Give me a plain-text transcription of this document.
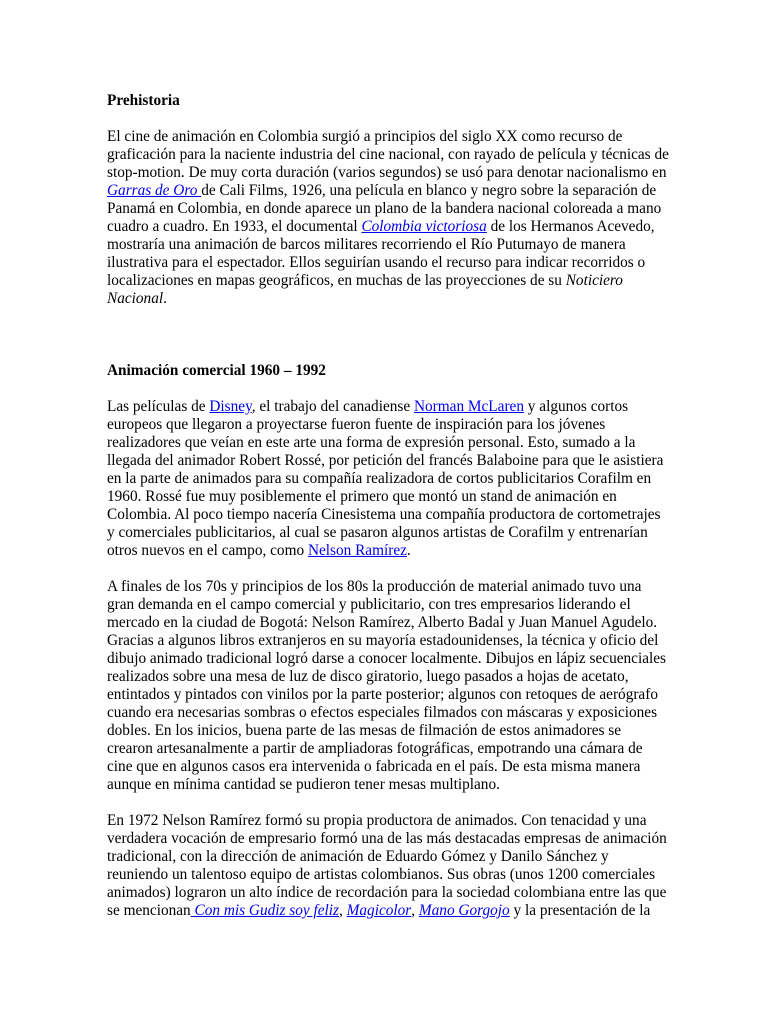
Prehistoria

El cine de animación en Colombia surgió a principios del siglo XX como recurso de
graficación para la naciente industria del cine nacional, con rayado de película y técnicas de
stop-motion. De muy corta duración (varios segundos) se usó para denotar nacionalismo en
Garras de Oro de Cali Films, 1926, una película en blanco y negro sobre la separación de
Panamá en Colombia, en donde aparece un plano de la bandera nacional coloreada a mano
cuadro a cuadro. En 1933, el documental Colombia victoriosa de los Hermanos Acevedo,
mostraría una animación de barcos militares recorriendo el Río Putumayo de manera
ilustrativa para el espectador. Ellos seguirían usando el recurso para indicar recorridos o
localizaciones en mapas geográficos, en muchas de las proyecciones de su Noticiero
Nacional.

Animación comercial 1960 – 1992

Las películas de Disney, el trabajo del canadiense Norman McLaren y algunos cortos
europeos que llegaron a proyectarse fueron fuente de inspiración para los jóvenes
realizadores que veían en este arte una forma de expresión personal. Esto, sumado a la
llegada del animador Robert Rossé, por petición del francés Balaboine para que le asistiera
en la parte de animados para su compañía realizadora de cortos publicitarios Corafilm en
1960. Rossé fue muy posiblemente el primero que montó un stand de animación en
Colombia. Al poco tiempo nacería Cinesistema una compañía productora de cortometrajes
y comerciales publicitarios, al cual se pasaron algunos artistas de Corafilm y entrenarían
otros nuevos en el campo, como Nelson Ramírez.

A finales de los 70s y principios de los 80s la producción de material animado tuvo una
gran demanda en el campo comercial y publicitario, con tres empresarios liderando el
mercado en la ciudad de Bogotá: Nelson Ramírez, Alberto Badal y Juan Manuel Agudelo.
Gracias a algunos libros extranjeros en su mayoría estadounidenses, la técnica y oficio del
dibujo animado tradicional logró darse a conocer localmente. Dibujos en lápiz secuenciales
realizados sobre una mesa de luz de disco giratorio, luego pasados a hojas de acetato,
entintados y pintados con vinilos por la parte posterior; algunos con retoques de aerógrafo
cuando era necesarias sombras o efectos especiales filmados con máscaras y exposiciones
dobles. En los inicios, buena parte de las mesas de filmación de estos animadores se
crearon artesanalmente a partir de ampliadoras fotográficas, empotrando una cámara de
cine que en algunos casos era intervenida o fabricada en el país. De esta misma manera
aunque en mínima cantidad se pudieron tener mesas multiplano.

En 1972 Nelson Ramírez formó su propia productora de animados. Con tenacidad y una
verdadera vocación de empresario formó una de las más destacadas empresas de animación
tradicional, con la dirección de animación de Eduardo Gómez y Danilo Sánchez y
reuniendo un talentoso equipo de artistas colombianos. Sus obras (unos 1200 comerciales
animados) lograron un alto índice de recordación para la sociedad colombiana entre las que
se mencionan Con mis Gudiz soy feliz, Magicolor, Mano Gorgojo y la presentación de la
